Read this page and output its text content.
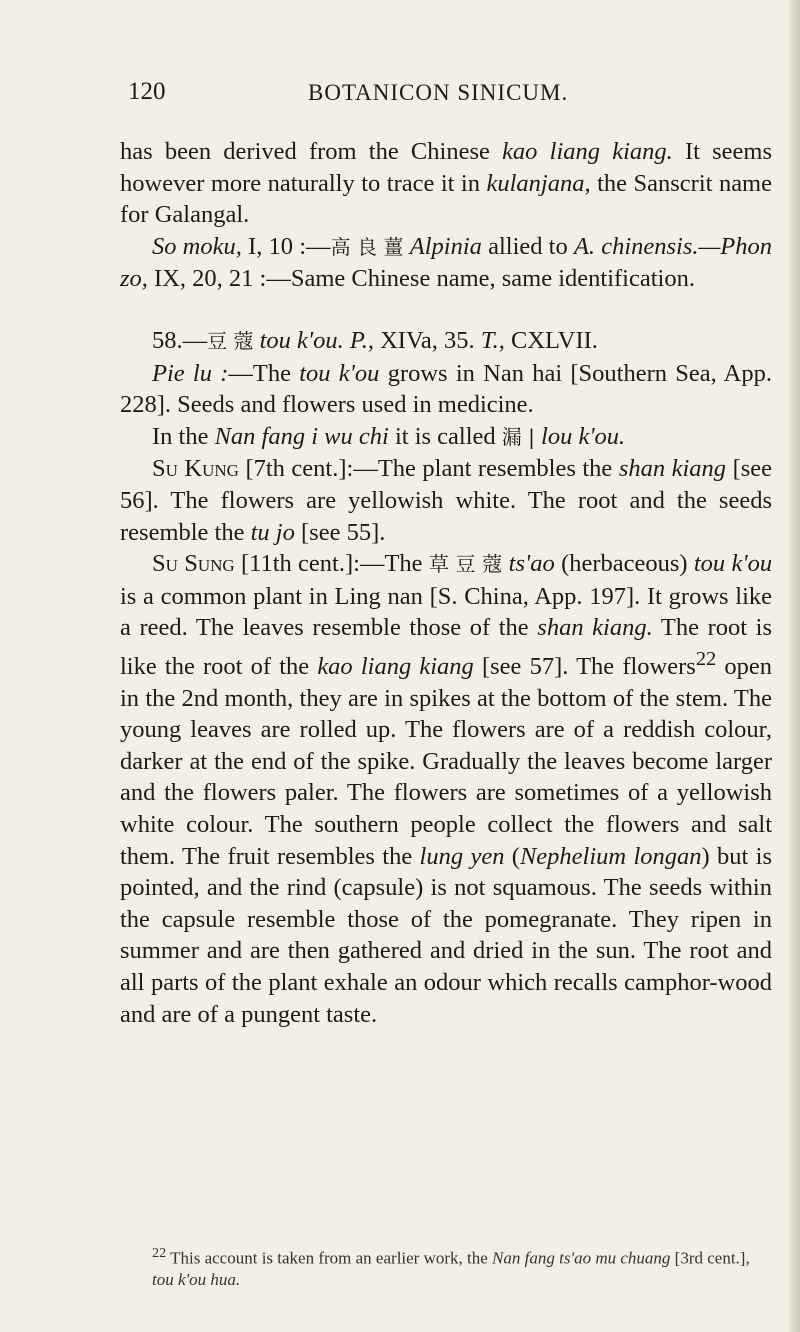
120	BOTANICON SINICUM.

has been derived from the Chinese kao liang kiang. It seems however more naturally to trace it in kulanjana, the Sanscrit name for Galangal.

So moku, I, 10 :—高 良 薑 Alpinia allied to A. chinensis.—Phon zo, IX, 20, 21 :—Same Chinese name, same identification.

58.—豆 蔻 tou k'ou. P., XIVa, 35. T., CXLVII.

Pie lu :—The tou k'ou grows in Nan hai [Southern Sea, App. 228]. Seeds and flowers used in medicine.

In the Nan fang i wu chi it is called 漏 | lou k'ou.

Su Kung [7th cent.]:—The plant resembles the shan kiang [see 56]. The flowers are yellowish white. The root and the seeds resemble the tu jo [see 55].

Su Sung [11th cent.]:—The 草 豆 蔻 ts'ao (herbaceous) tou k'ou is a common plant in Ling nan [S. China, App. 197]. It grows like a reed. The leaves resemble those of the shan kiang. The root is like the root of the kao liang kiang [see 57]. The flowers$^{22}$ open in the 2nd month, they are in spikes at the bottom of the stem. The young leaves are rolled up. The flowers are of a reddish colour, darker at the end of the spike. Gradually the leaves become larger and the flowers paler. The flowers are sometimes of a yellowish white colour. The southern people collect the flowers and salt them. The fruit resembles the lung yen (Nephelium longan) but is pointed, and the rind (capsule) is not squamous. The seeds within the capsule resemble those of the pomegranate. They ripen in summer and are then gathered and dried in the sun. The root and all parts of the plant exhale an odour which recalls camphor-wood and are of a pungent taste.

$^{22}$ This account is taken from an earlier work, the Nan fang ts'ao mu chuang [3rd cent.], tou k'ou hua.
